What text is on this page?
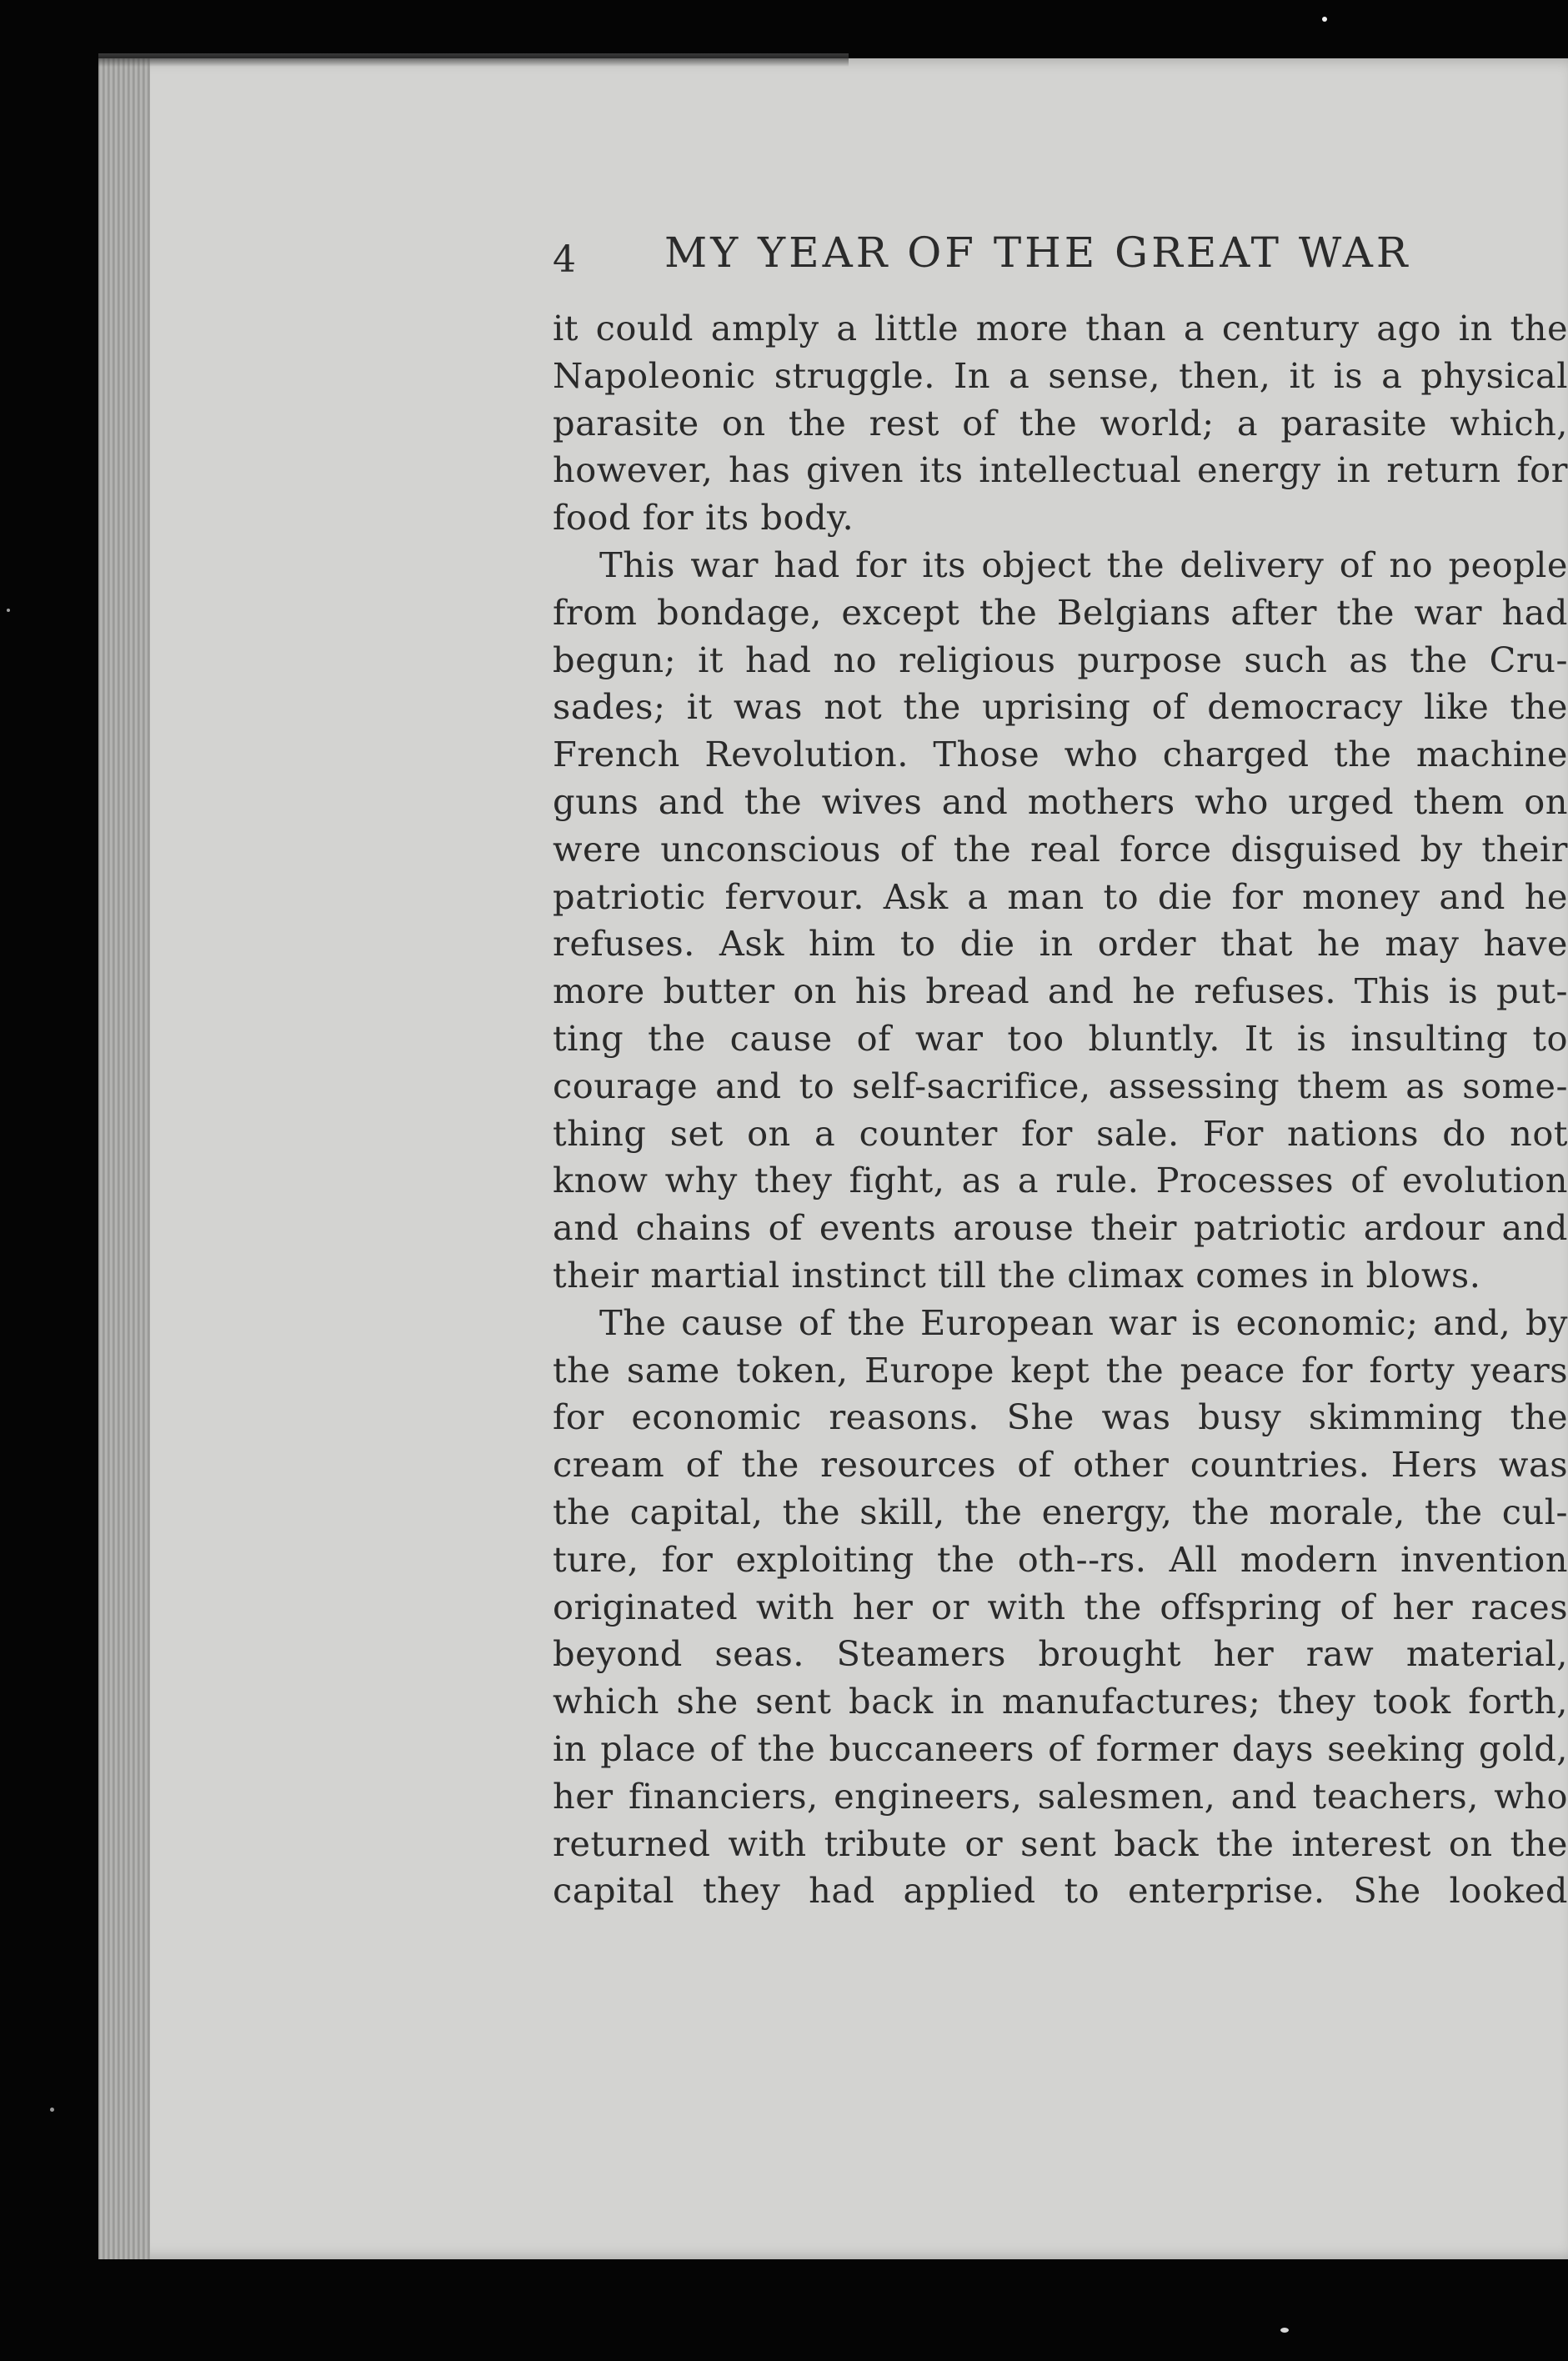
4 MY YEAR OF THE GREAT WAR
it could amply a little more than a century ago in the
Napoleonic struggle. In a sense, then, it is a physical
parasite on the rest of the world; a parasite which,
however, has given its intellectual energy in return for
food for its body.
This war had for its object the delivery of no people
from bondage, except the Belgians after the war had
begun; it had no religious purpose such as the Cru-
sades; it was not the uprising of democracy like the
French Revolution. Those who charged the machine
guns and the wives and mothers who urged them on
were unconscious of the real force disguised by their
patriotic fervour. Ask a man to die for money and he
refuses. Ask him to die in order that he may have
more butter on his bread and he refuses. This is put-
ting the cause of war too bluntly. It is insulting to
courage and to self-sacrifice, assessing them as some-
thing set on a counter for sale. For nations do not
know why they fight, as a rule. Processes of evolution
and chains of events arouse their patriotic ardour and
their martial instinct till the climax comes in blows.
The cause of the European war is economic; and, by
the same token, Europe kept the peace for forty years
for economic reasons. She was busy skimming the
cream of the resources of other countries. Hers was
the capital, the skill, the energy, the morale, the cul-
ture, for exploiting the oth--rs. All modern invention
originated with her or with the offspring of her races
beyond seas. Steamers brought her raw material,
which she sent back in manufactures; they took forth,
in place of the buccaneers of former days seeking gold,
her financiers, engineers, salesmen, and teachers, who
returned with tribute or sent back the interest on the
capital they had applied to enterprise. She looked
